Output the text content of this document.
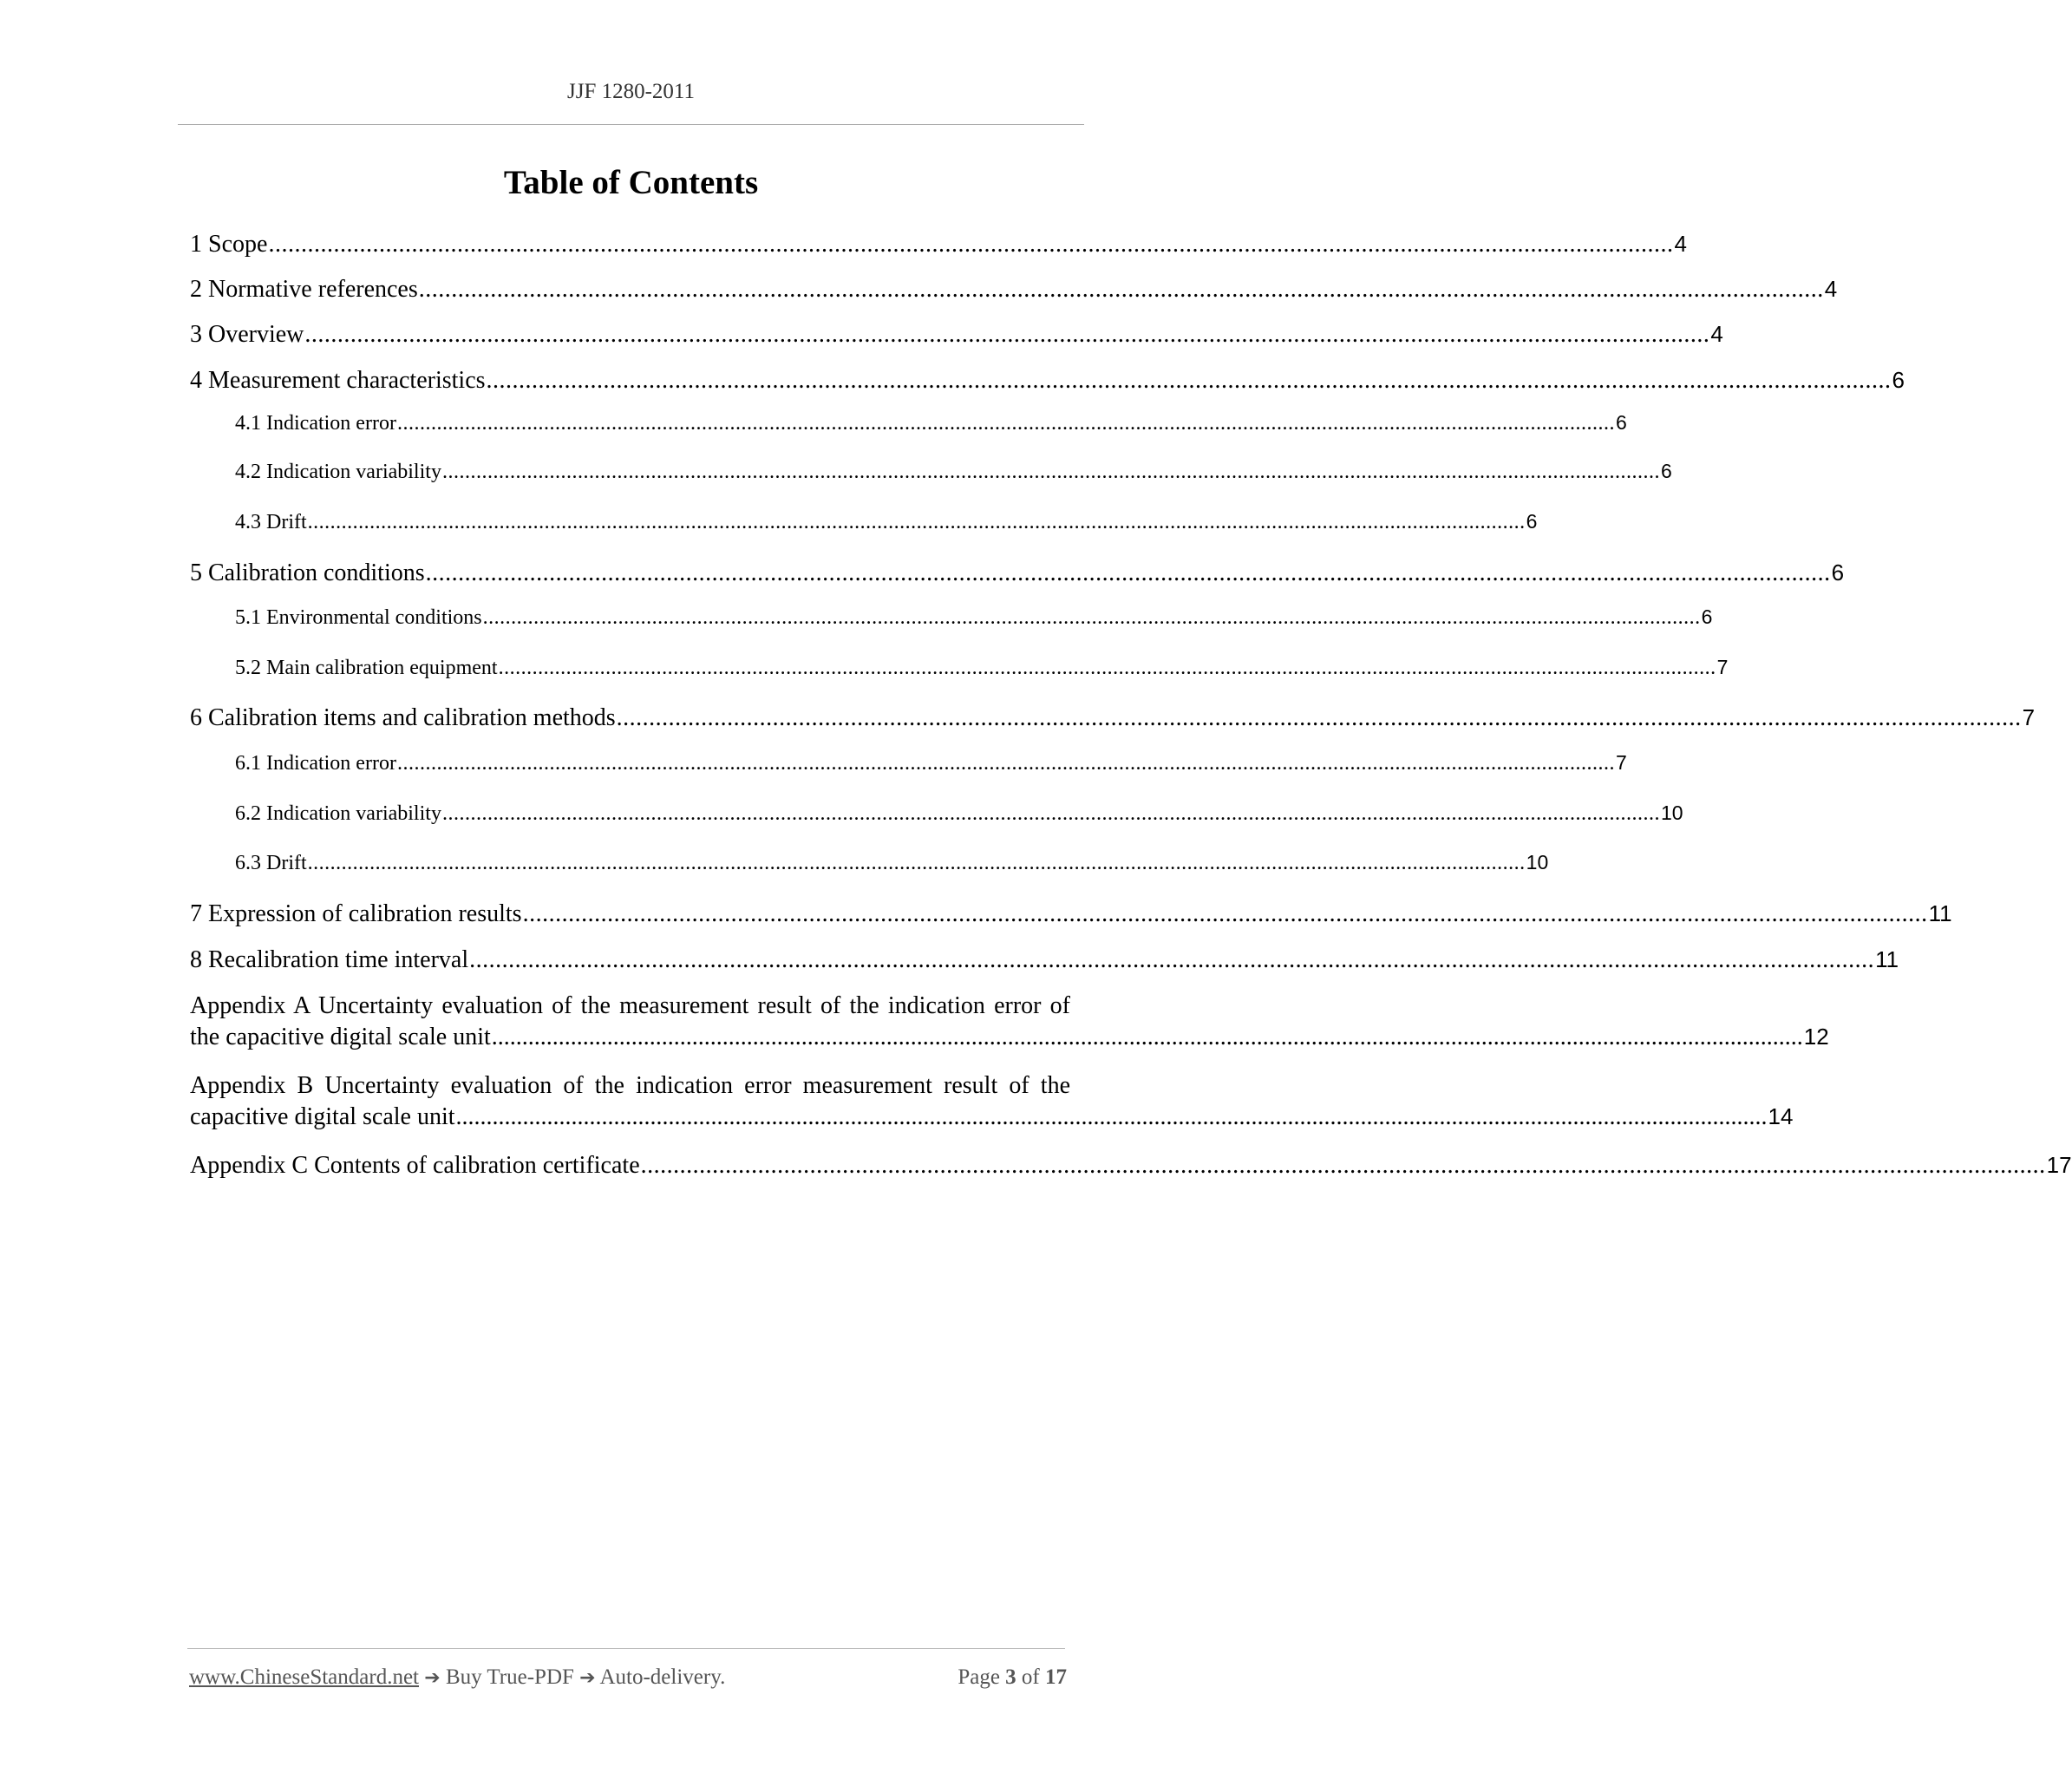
JJF 1280-2011
Table of Contents
1 Scope ........................................................................................................................................................................................................................ 4
2 Normative references ........................................................................................................................................................................................................................ 4
3 Overview ........................................................................................................................................................................................................................ 4
4 Measurement characteristics ........................................................................................................................................................................................................................ 6
4.1 Indication error ........................................................................................................................................................................................................................ 6
4.2 Indication variability ........................................................................................................................................................................................................................ 6
4.3 Drift ........................................................................................................................................................................................................................ 6
5 Calibration conditions ........................................................................................................................................................................................................................ 6
5.1 Environmental conditions ........................................................................................................................................................................................................................ 6
5.2 Main calibration equipment ........................................................................................................................................................................................................................ 7
6 Calibration items and calibration methods ........................................................................................................................................................................................................................ 7
6.1 Indication error ........................................................................................................................................................................................................................ 7
6.2 Indication variability ........................................................................................................................................................................................................................ 10
6.3 Drift ........................................................................................................................................................................................................................ 10
7 Expression of calibration results ........................................................................................................................................................................................................................ 11
8 Recalibration time interval ........................................................................................................................................................................................................................ 11
Appendix A Uncertainty evaluation of the measurement result of the indication error of
the capacitive digital scale unit ........................................................................................................................................................................................................................ 12
Appendix B Uncertainty evaluation of the indication error measurement result of the
capacitive digital scale unit ........................................................................................................................................................................................................................ 14
Appendix C Contents of calibration certificate ........................................................................................................................................................................................................................ 17
www.ChineseStandard.net ➔ Buy True-PDF ➔ Auto-delivery.	Page 3 of 17
